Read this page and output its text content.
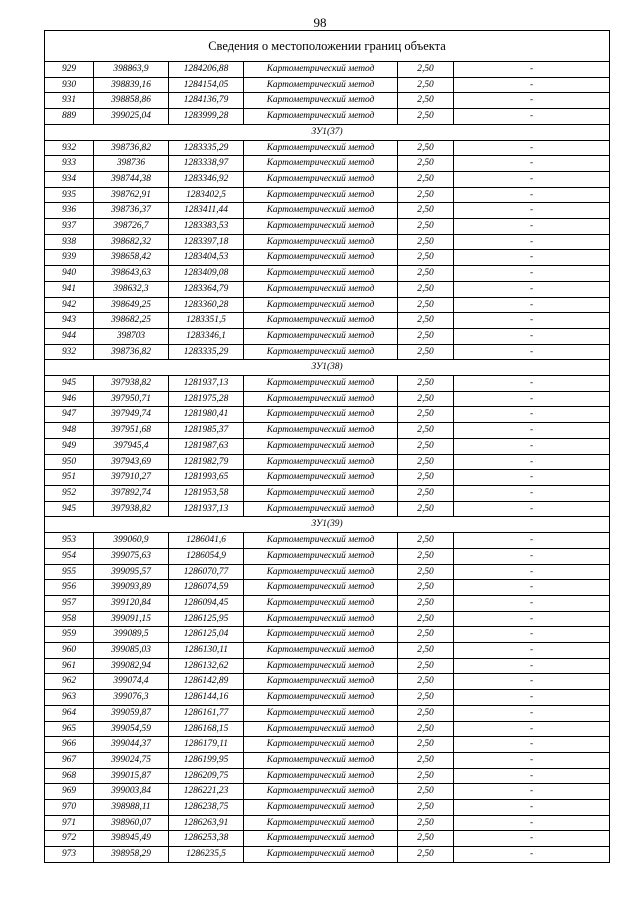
98
Сведения о местоположении границ объекта					
929	398863,9	1284206,88	Картометрический метод	2,50	-
930	398839,16	1284154,05	Картометрический метод	2,50	-
931	398858,86	1284136,79	Картометрический метод	2,50	-
889	399025,04	1283999,28	Картометрический метод	2,50	-
ЗУ1(37)					
932	398736,82	1283335,29	Картометрический метод	2,50	-
933	398736	1283338,97	Картометрический метод	2,50	-
934	398744,38	1283346,92	Картометрический метод	2,50	-
935	398762,91	1283402,5	Картометрический метод	2,50	-
936	398736,37	1283411,44	Картометрический метод	2,50	-
937	398726,7	1283383,53	Картометрический метод	2,50	-
938	398682,32	1283397,18	Картометрический метод	2,50	-
939	398658,42	1283404,53	Картометрический метод	2,50	-
940	398643,63	1283409,08	Картометрический метод	2,50	-
941	398632,3	1283364,79	Картометрический метод	2,50	-
942	398649,25	1283360,28	Картометрический метод	2,50	-
943	398682,25	1283351,5	Картометрический метод	2,50	-
944	398703	1283346,1	Картометрический метод	2,50	-
932	398736,82	1283335,29	Картометрический метод	2,50	-
ЗУ1(38)					
945	397938,82	1281937,13	Картометрический метод	2,50	-
946	397950,71	1281975,28	Картометрический метод	2,50	-
947	397949,74	1281980,41	Картометрический метод	2,50	-
948	397951,68	1281985,37	Картометрический метод	2,50	-
949	397945,4	1281987,63	Картометрический метод	2,50	-
950	397943,69	1281982,79	Картометрический метод	2,50	-
951	397910,27	1281993,65	Картометрический метод	2,50	-
952	397892,74	1281953,58	Картометрический метод	2,50	-
945	397938,82	1281937,13	Картометрический метод	2,50	-
ЗУ1(39)					
953	399060,9	1286041,6	Картометрический метод	2,50	-
954	399075,63	1286054,9	Картометрический метод	2,50	-
955	399095,57	1286070,77	Картометрический метод	2,50	-
956	399093,89	1286074,59	Картометрический метод	2,50	-
957	399120,84	1286094,45	Картометрический метод	2,50	-
958	399091,15	1286125,95	Картометрический метод	2,50	-
959	399089,5	1286125,04	Картометрический метод	2,50	-
960	399085,03	1286130,11	Картометрический метод	2,50	-
961	399082,94	1286132,62	Картометрический метод	2,50	-
962	399074,4	1286142,89	Картометрический метод	2,50	-
963	399076,3	1286144,16	Картометрический метод	2,50	-
964	399059,87	1286161,77	Картометрический метод	2,50	-
965	399054,59	1286168,15	Картометрический метод	2,50	-
966	399044,37	1286179,11	Картометрический метод	2,50	-
967	399024,75	1286199,95	Картометрический метод	2,50	-
968	399015,87	1286209,75	Картометрический метод	2,50	-
969	399003,84	1286221,23	Картометрический метод	2,50	-
970	398988,11	1286238,75	Картометрический метод	2,50	-
971	398960,07	1286263,91	Картометрический метод	2,50	-
972	398945,49	1286253,38	Картометрический метод	2,50	-
973	398958,29	1286235,5	Картометрический метод	2,50	-
